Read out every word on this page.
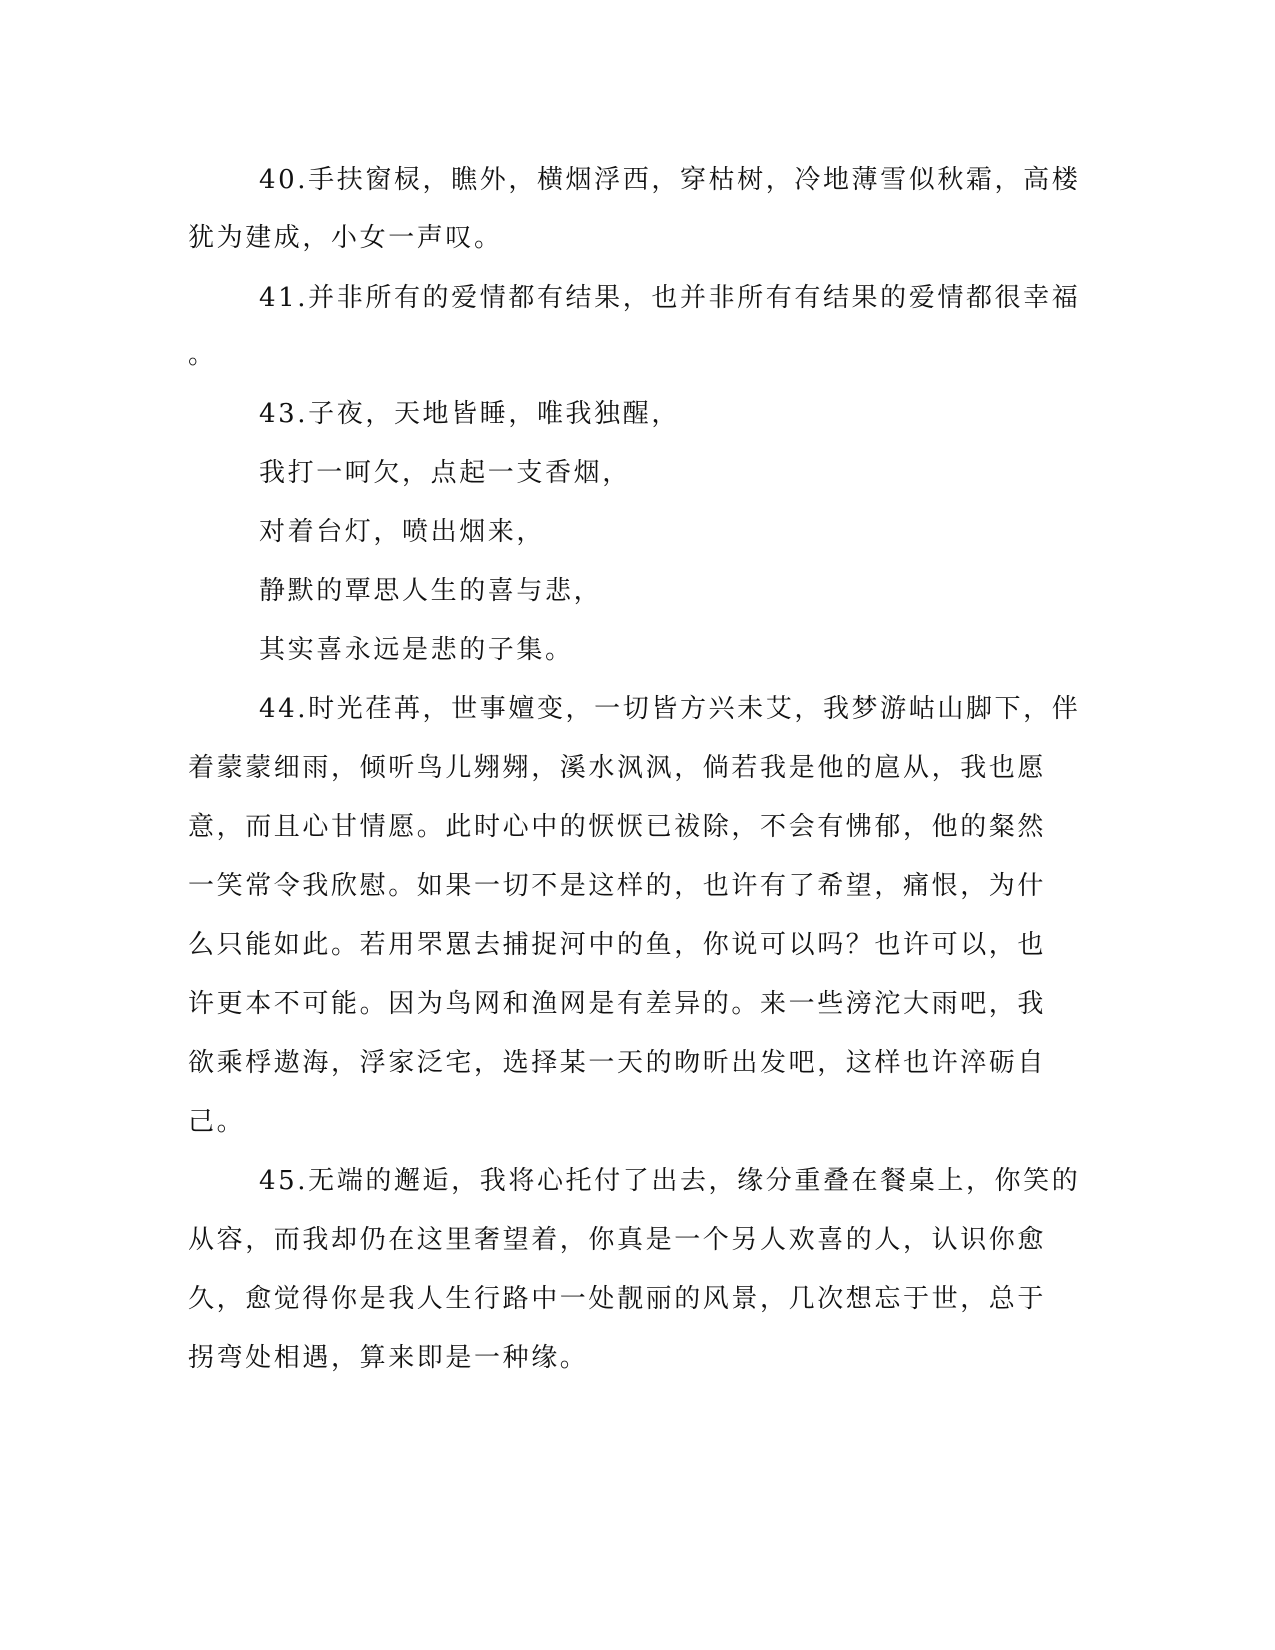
40.手扶窗棂，瞧外，横烟浮西，穿枯树，冷地薄雪似秋霜，高楼
犹为建成，小女一声叹。
41.并非所有的爱情都有结果，也并非所有有结果的爱情都很幸福
。
43.子夜，天地皆睡，唯我独醒，
我打一呵欠，点起一支香烟，
对着台灯，喷出烟来，
静默的覃思人生的喜与悲，
其实喜永远是悲的子集。
44.时光荏苒，世事嬗变，一切皆方兴未艾，我梦游岵山脚下，伴
着蒙蒙细雨，倾听鸟儿翙翙，溪水沨沨，倘若我是他的扈从，我也愿
意，而且心甘情愿。此时心中的恹恹已祓除，不会有怫郁，他的粲然
一笑常令我欣慰。如果一切不是这样的，也许有了希望，痛恨，为什
么只能如此。若用罘罳去捕捉河中的鱼，你说可以吗？也许可以，也
许更本不可能。因为鸟网和渔网是有差异的。来一些滂沱大雨吧，我
欲乘桴遨海，浮家泛宅，选择某一天的昒昕出发吧，这样也许淬砺自
己。
45.无端的邂逅，我将心托付了出去，缘分重叠在餐桌上，你笑的
从容，而我却仍在这里奢望着，你真是一个另人欢喜的人，认识你愈
久，愈觉得你是我人生行路中一处靓丽的风景，几次想忘于世，总于
拐弯处相遇，算来即是一种缘。
